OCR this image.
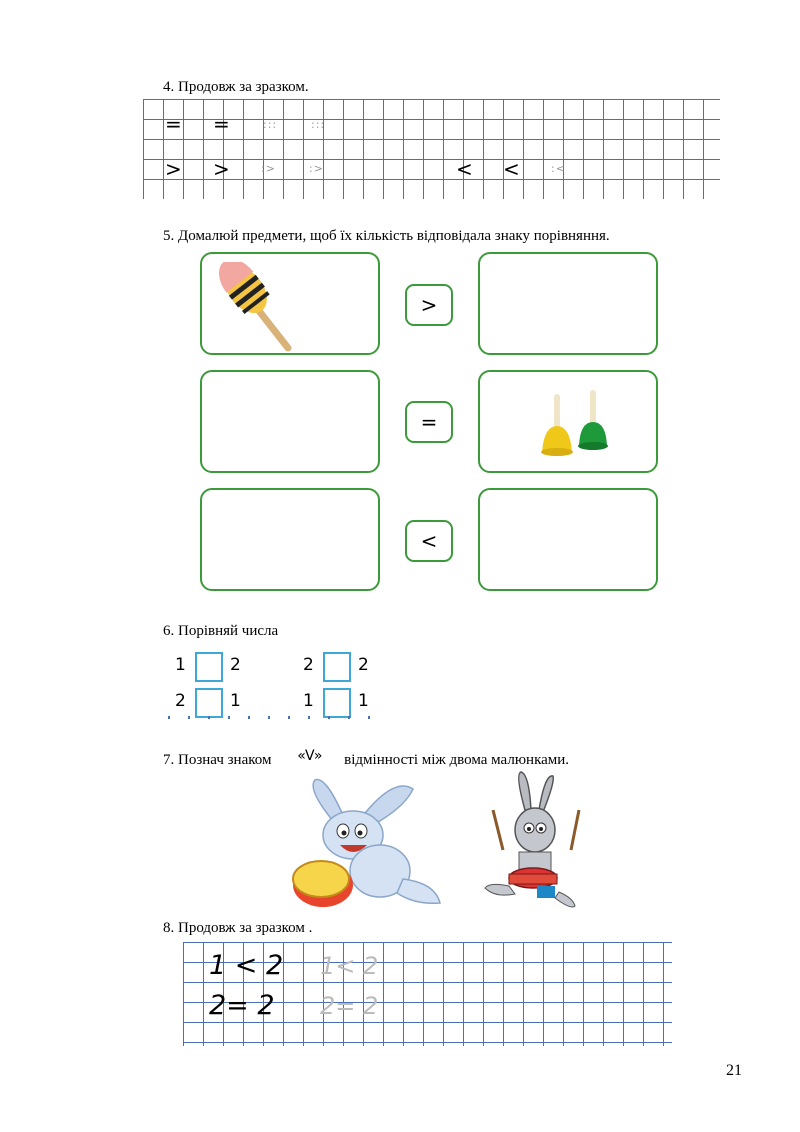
4. Продовж за зразком.
= =	:::	:::
> >	:>	:>	< <	:<
5. Домалюй предмети, щоб їх кількість відповідала знаку порівняння.
>
=
<
6. Порівняй числа
1	2	2	2
2	1	1	1
7. Познач знаком «V» відмінності між двома малюнками.
8. Продовж за зразком .
1 < 2 1< 2
2= 2 2= 2
21
